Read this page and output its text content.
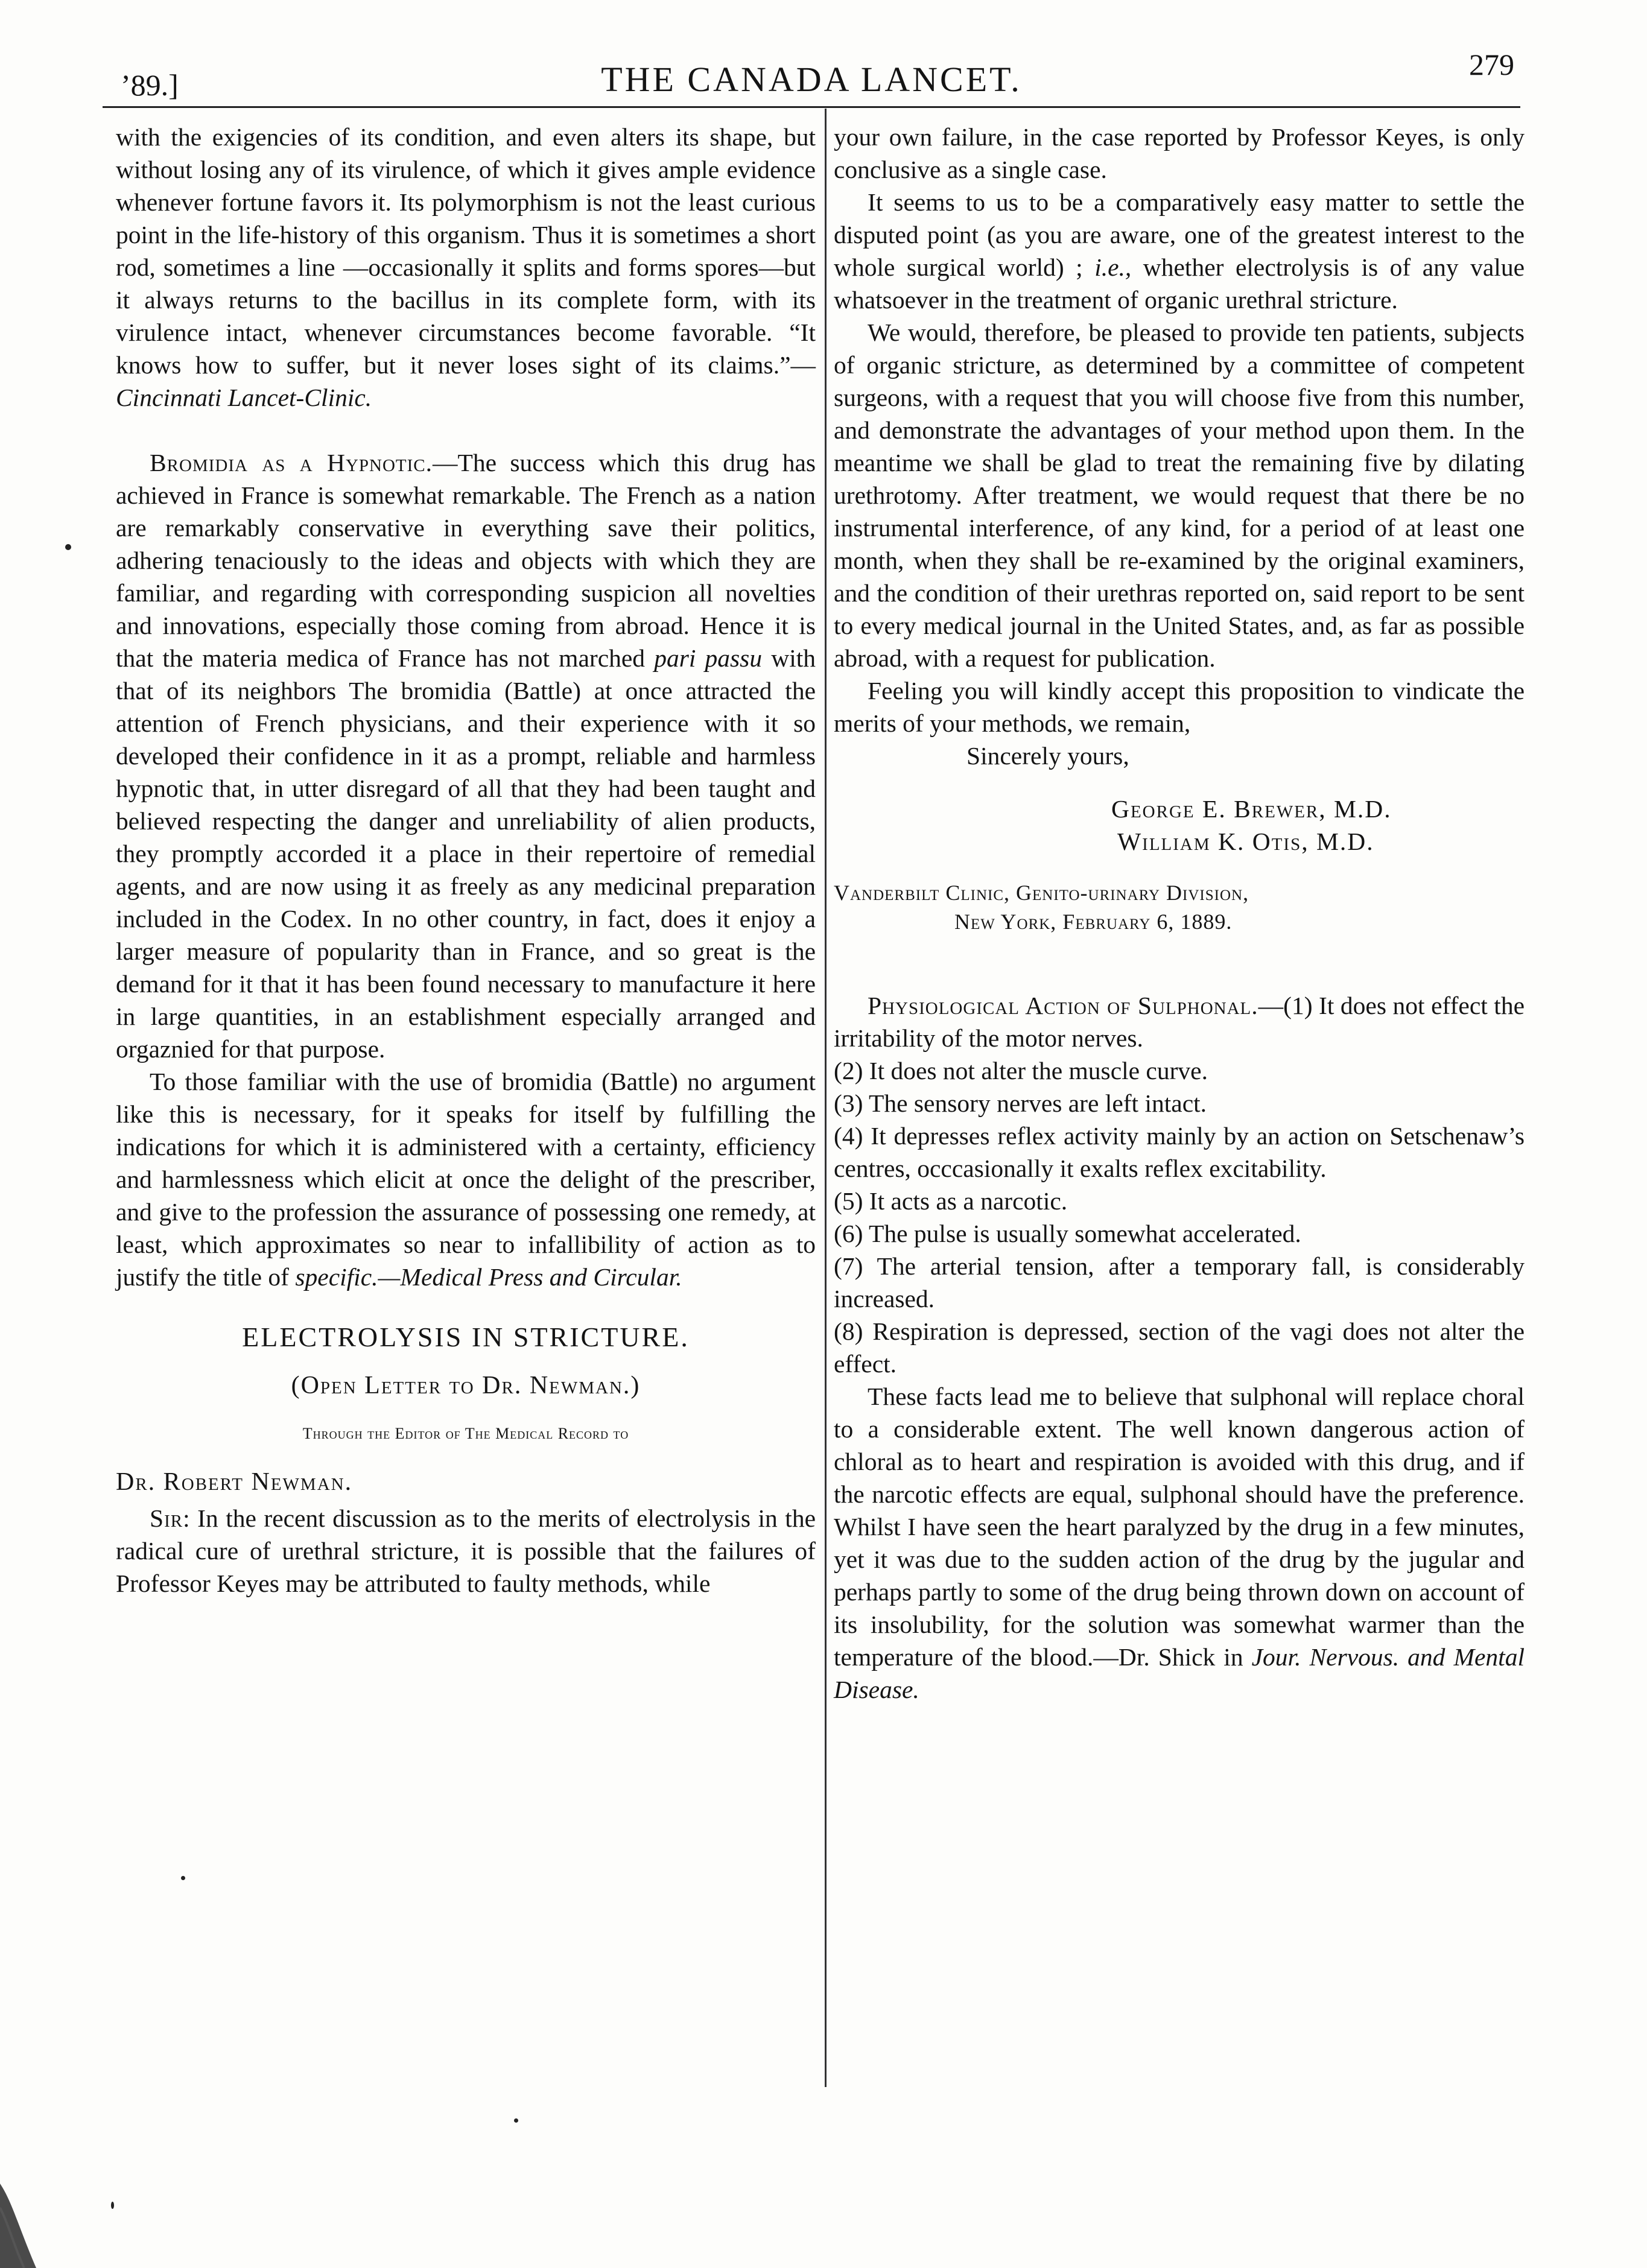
’89.]	THE CANADA LANCET.	279

with the exigencies of its condition, and even alters its shape, but without losing any of its virulence, of which it gives ample evidence whenever fortune favors it. Its polymorphism is not the least curious point in the life-history of this organism. Thus it is sometimes a short rod, sometimes a line —occasionally it splits and forms spores—but it always returns to the bacillus in its complete form, with its virulence intact, whenever circumstances become favorable. “It knows how to suffer, but it never loses sight of its claims.”—Cincinnati Lancet-Clinic.

Bromidia as a Hypnotic.—The success which this drug has achieved in France is somewhat remarkable. The French as a nation are remarkably conservative in everything save their politics, adhering tenaciously to the ideas and objects with which they are familiar, and regarding with corresponding suspicion all novelties and innovations, especially those coming from abroad. Hence it is that the materia medica of France has not marched pari passu with that of its neighbors The bromidia (Battle) at once attracted the attention of French physicians, and their experience with it so developed their confidence in it as a prompt, reliable and harmless hypnotic that, in utter disregard of all that they had been taught and believed respecting the danger and unreliability of alien products, they promptly accorded it a place in their repertoire of remedial agents, and are now using it as freely as any medicinal preparation included in the Codex. In no other country, in fact, does it enjoy a larger measure of popularity than in France, and so great is the demand for it that it has been found necessary to manufacture it here in large quantities, in an establishment especially arranged and orgaznied for that purpose.

To those familiar with the use of bromidia (Battle) no argument like this is necessary, for it speaks for itself by fulfilling the indications for which it is administered with a certainty, efficiency and harmlessness which elicit at once the delight of the prescriber, and give to the profession the assurance of possessing one remedy, at least, which approximates so near to infallibility of action as to justify the title of specific.—Medical Press and Circular.

ELECTROLYSIS IN STRICTURE.
(Open Letter to Dr. Newman.)
Through the Editor of The Medical Record to
Dr. Robert Newman.

Sir: In the recent discussion as to the merits of electrolysis in the radical cure of urethral stricture, it is possible that the failures of Professor Keyes may be attributed to faulty methods, while

your own failure, in the case reported by Professor Keyes, is only conclusive as a single case.

It seems to us to be a comparatively easy matter to settle the disputed point (as you are aware, one of the greatest interest to the whole surgical world) ; i.e., whether electrolysis is of any value whatsoever in the treatment of organic urethral stricture.

We would, therefore, be pleased to provide ten patients, subjects of organic stricture, as determined by a committee of competent surgeons, with a request that you will choose five from this number, and demonstrate the advantages of your method upon them. In the meantime we shall be glad to treat the remaining five by dilating urethrotomy. After treatment, we would request that there be no instrumental interference, of any kind, for a period of at least one month, when they shall be re-examined by the original examiners, and the condition of their urethras reported on, said report to be sent to every medical journal in the United States, and, as far as possible abroad, with a request for publication.

Feeling you will kindly accept this proposition to vindicate the merits of your methods, we remain,

Sincerely yours,

George E. Brewer, M.D.

William K. Otis, M.D.

Vanderbilt Clinic, Genito-urinary Division,

New York, February 6, 1889.

Physiological Action of Sulphonal.—(1) It does not effect the irritability of the motor nerves.

(2) It does not alter the muscle curve.

(3) The sensory nerves are left intact.

(4) It depresses reflex activity mainly by an action on Setschenaw’s centres, occcasionally it exalts reflex excitability.

(5) It acts as a narcotic.

(6) The pulse is usually somewhat accelerated.

(7) The arterial tension, after a temporary fall, is considerably increased.

(8) Respiration is depressed, section of the vagi does not alter the effect.

These facts lead me to believe that sulphonal will replace choral to a considerable extent. The well known dangerous action of chloral as to heart and respiration is avoided with this drug, and if the narcotic effects are equal, sulphonal should have the preference. Whilst I have seen the heart paralyzed by the drug in a few minutes, yet it was due to the sudden action of the drug by the jugular and perhaps partly to some of the drug being thrown down on account of its insolubility, for the solution was somewhat warmer than the temperature of the blood.—Dr. Shick in Jour. Nervous. and Mental Disease.
